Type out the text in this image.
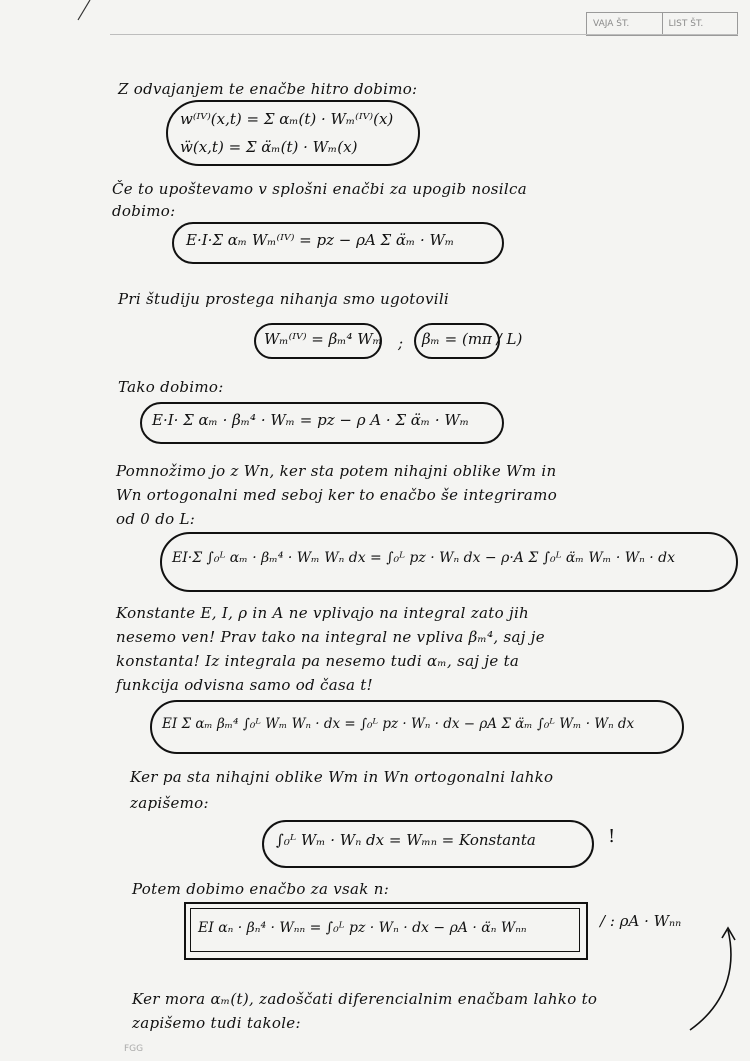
VAJA ŠT.	LIST ŠT.
Z odvajanjem te enačbe hitro dobimo:
w⁽ᴵⱽ⁾(x,t) = Σ αₘ(t) · Wₘ⁽ᴵⱽ⁾(x)
ẅ(x,t) = Σ α̈ₘ(t) · Wₘ(x)
Če to upoštevamo v splošni enačbi za upogib nosilca
dobimo:
E·I·Σ αₘ Wₘ⁽ᴵⱽ⁾ = pz − ρA Σ α̈ₘ · Wₘ
Pri študiju prostega nihanja smo ugotovili
Wₘ⁽ᴵⱽ⁾ = βₘ⁴ Wₘ ; βₘ = (mπ / L)
Tako dobimo:
E·I· Σ αₘ · βₘ⁴ · Wₘ = pz − ρ A · Σ α̈ₘ · Wₘ
Pomnožimo jo z Wn, ker sta potem nihajni oblike Wm in
Wn ortogonalni med seboj ker to enačbo še integriramo
od 0 do L:
EI·Σ ∫₀ᴸ αₘ · βₘ⁴ · Wₘ Wₙ dx = ∫₀ᴸ pz · Wₙ dx − ρ·A Σ ∫₀ᴸ α̈ₘ Wₘ · Wₙ · dx
Konstante E, I, ρ in A ne vplivajo na integral zato jih
nesemo ven! Prav tako na integral ne vpliva βₘ⁴, saj je
konstanta! Iz integrala pa nesemo tudi αₘ, saj je ta
funkcija odvisna samo od časa t!
EI Σ αₘ βₘ⁴ ∫₀ᴸ Wₘ Wₙ · dx = ∫₀ᴸ pz · Wₙ · dx − ρA Σ α̈ₘ ∫₀ᴸ Wₘ · Wₙ dx
Ker pa sta nihajni oblike Wm in Wn ortogonalni lahko
zapišemo:
∫₀ᴸ Wₘ · Wₙ dx = Wₘₙ = Konstanta	!
Potem dobimo enačbo za vsak n:
EI αₙ · βₙ⁴ · Wₙₙ = ∫₀ᴸ pz · Wₙ · dx − ρA · α̈ₙ Wₙₙ	/ : ρA · Wₙₙ
Ker mora αₘ(t), zadoščati diferencialnim enačbam lahko to
zapišemo tudi takole:
FGG
